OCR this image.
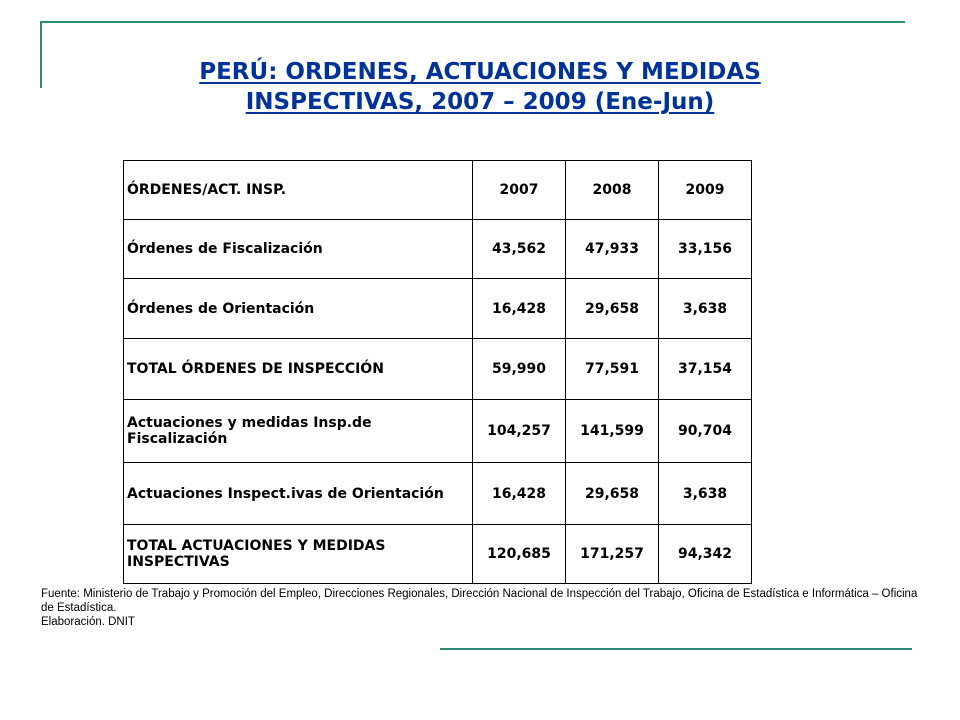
PERÚ: ORDENES, ACTUACIONES Y MEDIDAS
INSPECTIVAS, 2007 – 2009 (Ene-Jun)
ÓRDENES/ACT. INSP.	2007	2008	2009
Órdenes de Fiscalización	43,562	47,933	33,156
Órdenes de Orientación	16,428	29,658	3,638
TOTAL ÓRDENES DE INSPECCIÓN	59,990	77,591	37,154
Actuaciones y medidas Insp.de Fiscalización	104,257	141,599	90,704
Actuaciones Inspect.ivas de Orientación	16,428	29,658	3,638
TOTAL ACTUACIONES Y MEDIDAS INSPECTIVAS	120,685	171,257	94,342
Fuente: Ministerio de Trabajo y Promoción del Empleo, Direcciones Regionales, Dirección Nacional de Inspección del Trabajo, Oficina de Estadística e Informática – Oficina de Estadística.
Elaboración. DNIT
